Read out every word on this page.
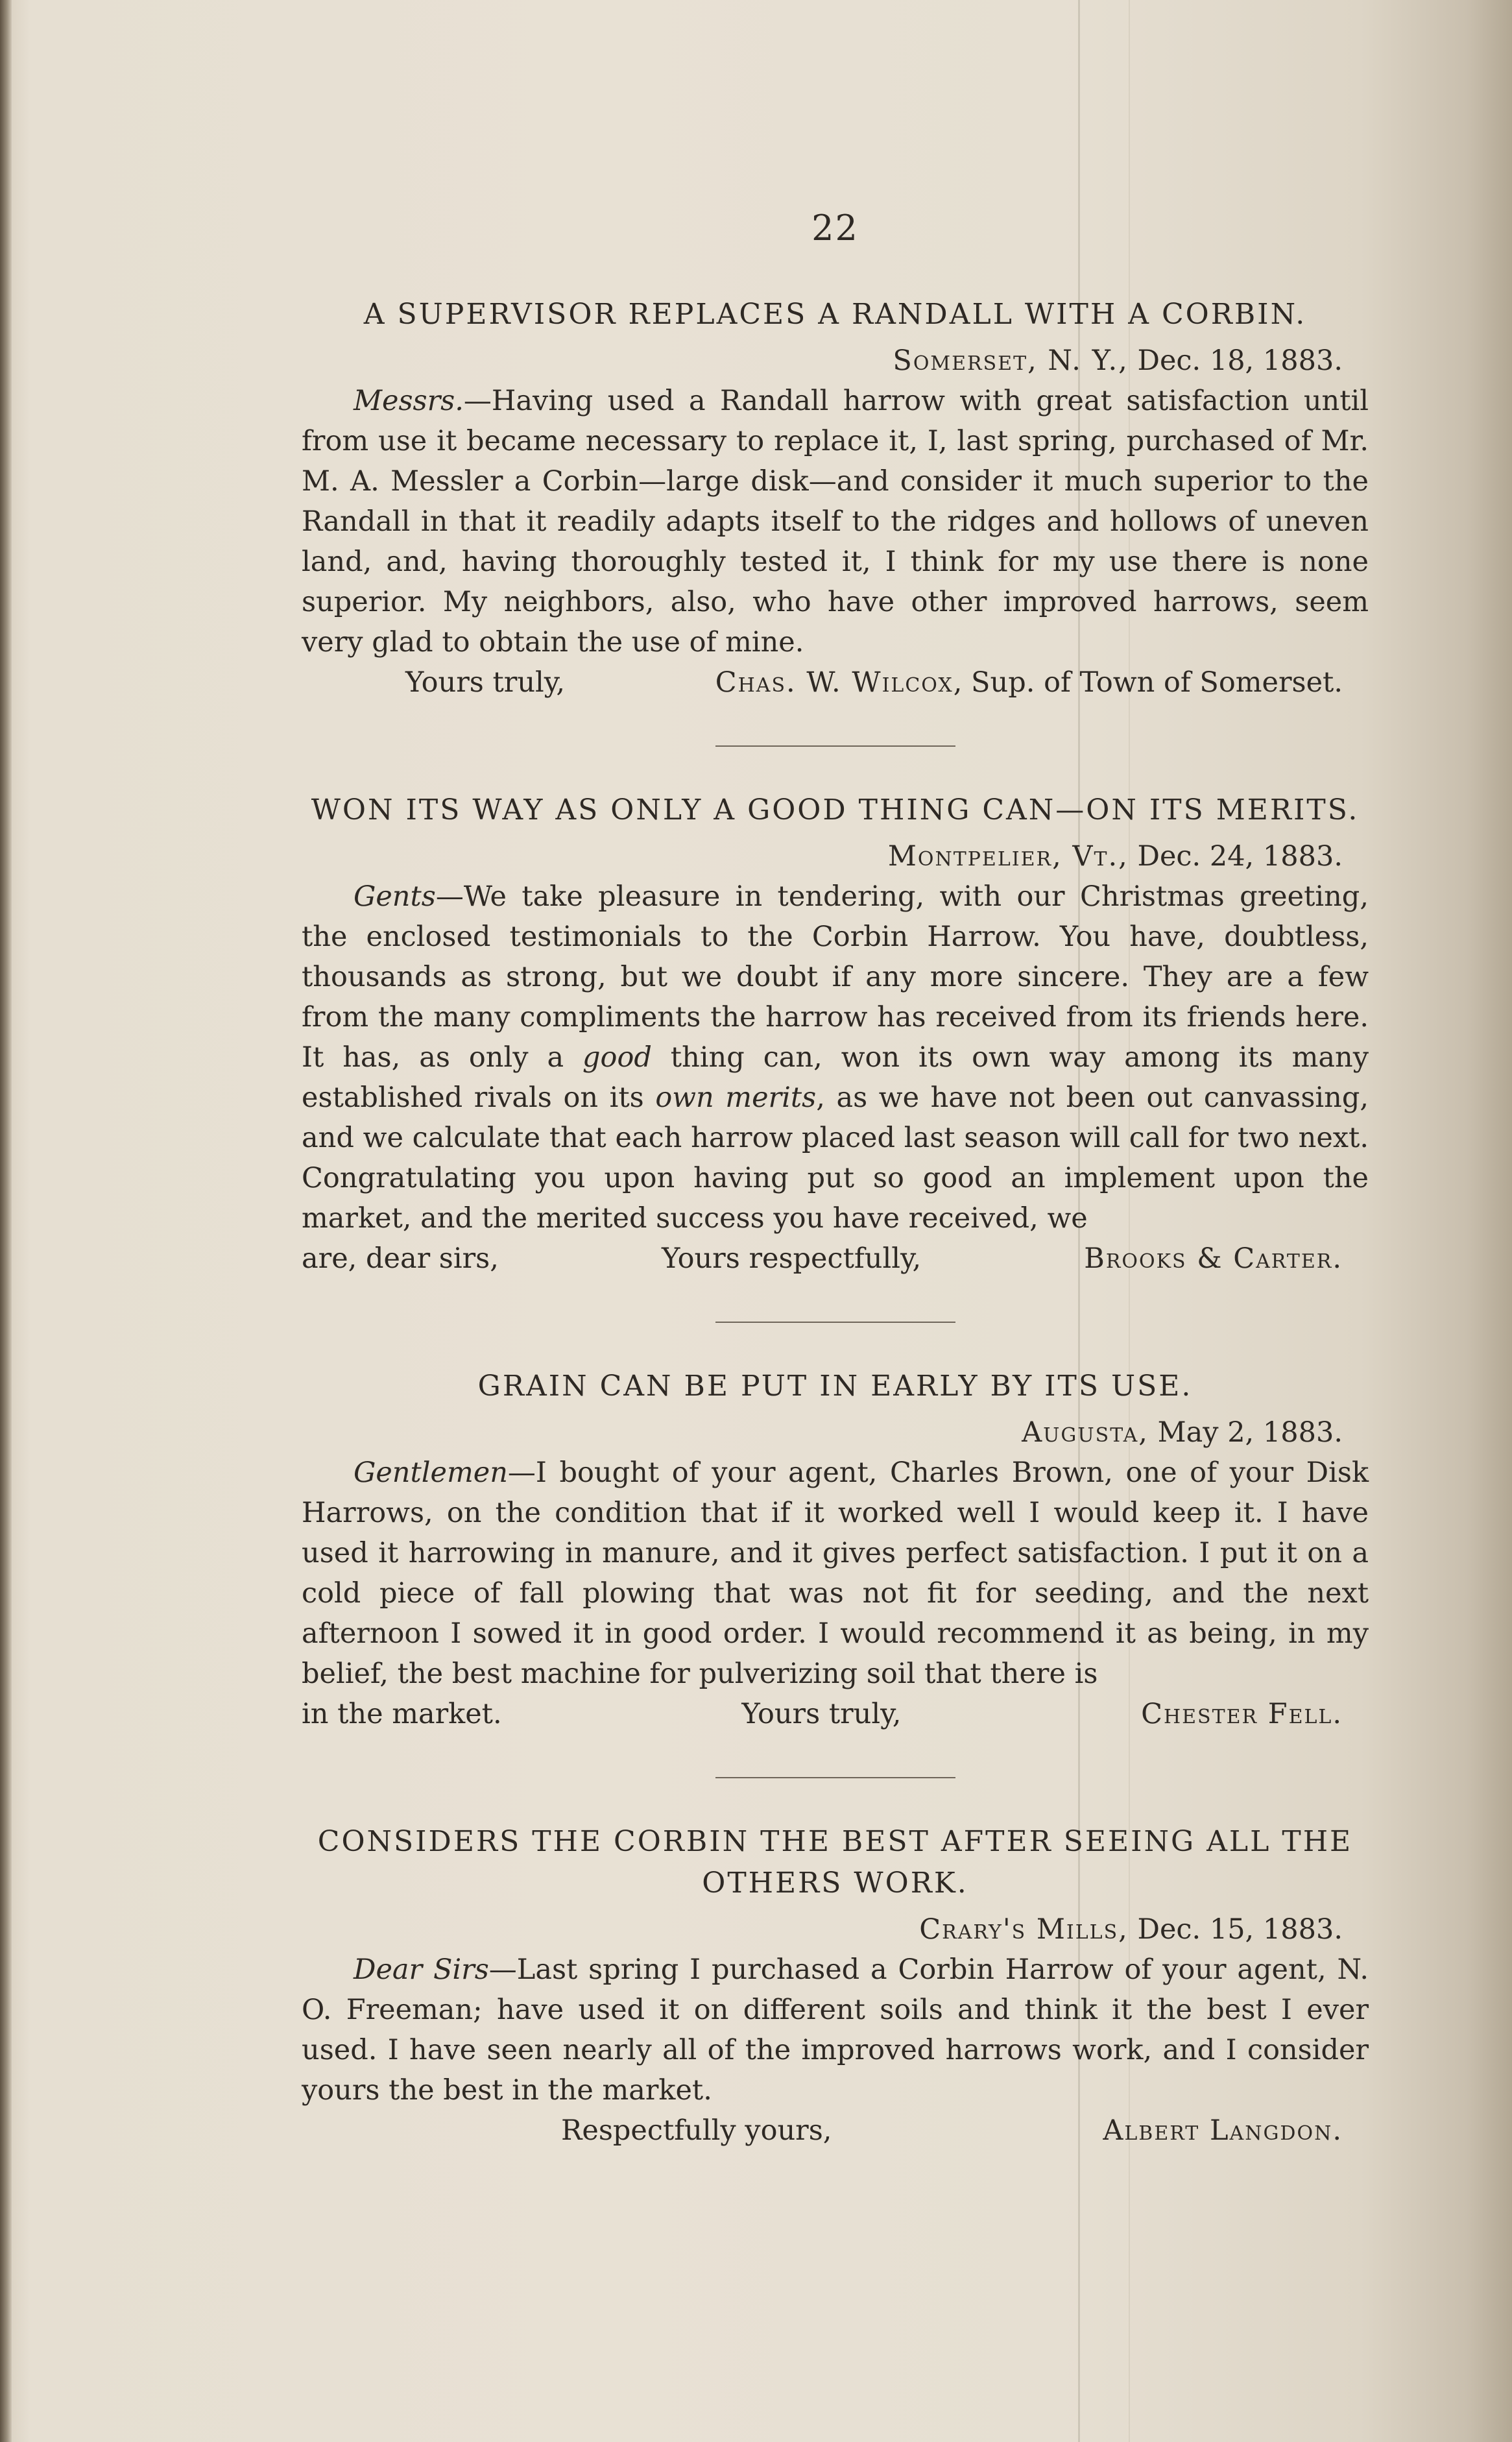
22
A SUPERVISOR REPLACES A RANDALL WITH A CORBIN.

Somerset, N. Y., Dec. 18, 1883.

Messrs.—Having used a Randall harrow with great satisfaction until from use it became necessary to replace it, I, last spring, purchased of Mr. M. A. Messler a Corbin—large disk—and consider it much superior to the Randall in that it readily adapts itself to the ridges and hollows of uneven land, and, having thoroughly tested it, I think for my use there is none superior. My neighbors, also, who have other improved harrows, seem very glad to obtain the use of mine.

Yours truly,	Chas. W. Wilcox, Sup. of Town of Somerset.
WON ITS WAY AS ONLY A GOOD THING CAN—ON ITS MERITS.

Montpelier, Vt., Dec. 24, 1883.

Gents—We take pleasure in tendering, with our Christmas greeting, the enclosed testimonials to the Corbin Harrow. You have, doubtless, thousands as strong, but we doubt if any more sincere. They are a few from the many compliments the harrow has received from its friends here. It has, as only a good thing can, won its own way among its many established rivals on its own merits, as we have not been out canvassing, and we calculate that each harrow placed last season will call for two next. Congratulating you upon having put so good an implement upon the market, and the merited success you have received, we

are, dear sirs,	Yours respectfully,	Brooks & Carter.
GRAIN CAN BE PUT IN EARLY BY ITS USE.

Augusta, May 2, 1883.

Gentlemen—I bought of your agent, Charles Brown, one of your Disk Harrows, on the condition that if it worked well I would keep it. I have used it harrowing in manure, and it gives perfect satisfaction. I put it on a cold piece of fall plowing that was not fit for seeding, and the next afternoon I sowed it in good order. I would recommend it as being, in my belief, the best machine for pulverizing soil that there is

in the market.	Yours truly,	Chester Fell.
CONSIDERS THE CORBIN THE BEST AFTER SEEING ALL THE
OTHERS WORK.

Crary's Mills, Dec. 15, 1883.

Dear Sirs—Last spring I purchased a Corbin Harrow of your agent, N. O. Freeman; have used it on different soils and think it the best I ever used. I have seen nearly all of the improved harrows work, and I consider yours the best in the market.

Respectfully yours,	Albert Langdon.
